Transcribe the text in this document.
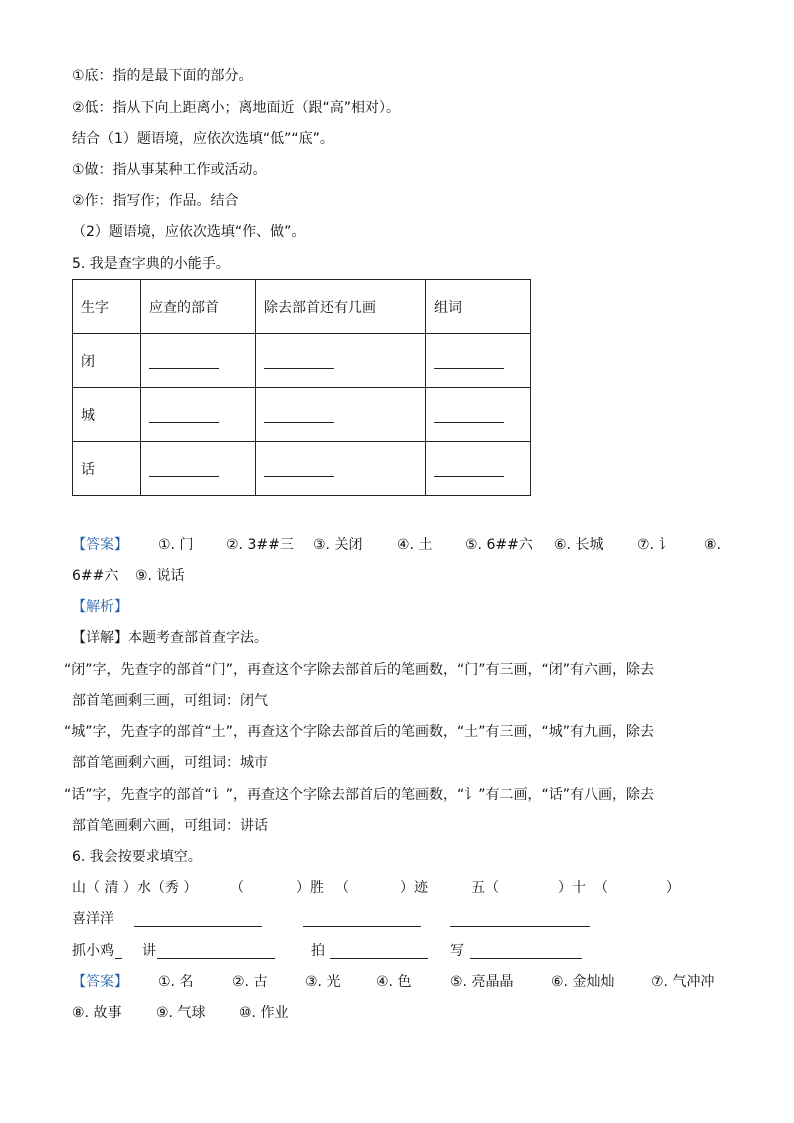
①底：指的是最下面的部分。
②低：指从下向上距离小；离地面近（跟“高”相对）。
结合（1）题语境，应依次选填“低”“底”。
①做：指从事某种工作或活动。
②作：指写作；作品。结合
（2）题语境，应依次选填“作、做”。
5. 我是查字典的小能手。
生字	应查的部首	除去部首还有几画	组词
闭			
城			
话			
【答案】 ①. 门 ②. 3##三 ③. 关闭 ④. 土 ⑤. 6##六 ⑥. 长城 ⑦. 讠 ⑧.
6##六 ⑨. 说话
【解析】
【详解】本题考查部首查字法。
“闭”字，先查字的部首“门”，再查这个字除去部首后的笔画数，“门”有三画，“闭”有六画，除去
部首笔画剩三画，可组词：闭气
“城”字，先查字的部首“土”，再查这个字除去部首后的笔画数，“土”有三画，“城”有九画，除去
部首笔画剩六画，可组词：城市
“话”字，先查字的部首“讠”，再查这个字除去部首后的笔画数，“讠”有二画，“话”有八画，除去
部首笔画剩六画，可组词：讲话
6. 我会按要求填空。
山（ 清 ）水（秀 ） （	）胜 （	）迹	五（	）十 （	）
喜洋洋
抓小鸡 讲	拍	写
【答案】 ①. 名	②. 古	③. 光	④. 色	⑤. 亮晶晶	⑥. 金灿灿	⑦. 气冲冲
⑧. 故事 ⑨. 气球 ⑩. 作业
